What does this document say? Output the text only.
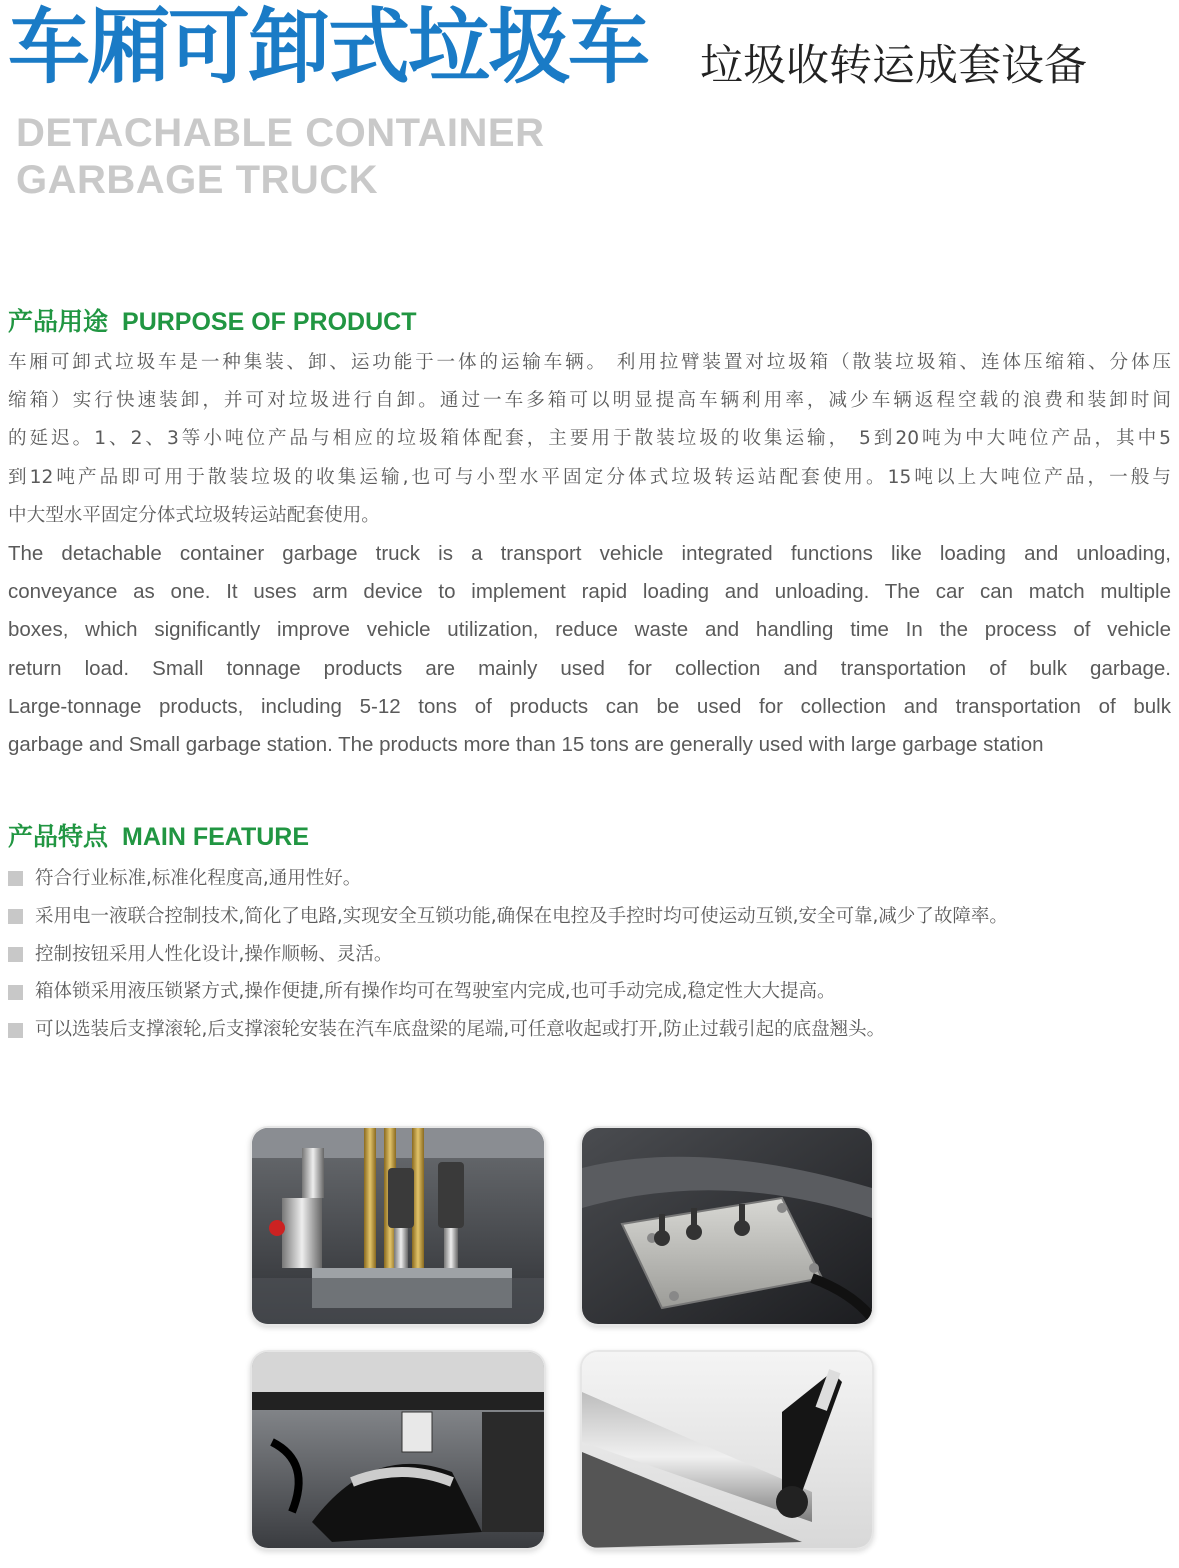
车厢可卸式垃圾车 垃圾收转运成套设备
DETACHABLE CONTAINER
GARBAGE TRUCK
产品用途 PURPOSE OF PRODUCT
车厢可卸式垃圾车是一种集装、卸、运功能于一体的运输车辆。 利用拉臂装置对垃圾箱（散装垃圾箱、连体压缩箱、分体压
缩箱）实行快速装卸，并可对垃圾进行自卸。通过一车多箱可以明显提高车辆利用率，减少车辆返程空载的浪费和装卸时间
的延迟。1、2、3等小吨位产品与相应的垃圾箱体配套，主要用于散装垃圾的收集运输， 5到20吨为中大吨位产品，其中5
到12吨产品即可用于散装垃圾的收集运输,也可与小型水平固定分体式垃圾转运站配套使用。15吨以上大吨位产品，一般与
中大型水平固定分体式垃圾转运站配套使用。
The detachable container garbage truck is a transport vehicle integrated functions like loading and unloading,
conveyance as one. It uses arm device to implement rapid loading and unloading. The car can match multiple
boxes, which significantly improve vehicle utilization, reduce waste and handling time In the process of vehicle
return load. Small tonnage products are mainly used for collection and transportation of bulk garbage.
Large-tonnage products, including 5-12 tons of products can be used for collection and transportation of bulk
garbage and Small garbage station. The products more than 15 tons are generally used with large garbage station
产品特点 MAIN FEATURE
符合行业标准,标准化程度高,通用性好。
采用电一液联合控制技术,简化了电路,实现安全互锁功能,确保在电控及手控时均可使运动互锁,安全可靠,减少了故障率。
控制按钮采用人性化设计,操作顺畅、灵活。
箱体锁采用液压锁紧方式,操作便捷,所有操作均可在驾驶室内完成,也可手动完成,稳定性大大提高。
可以选装后支撑滚轮,后支撑滚轮安装在汽车底盘梁的尾端,可任意收起或打开,防止过载引起的底盘翘头。
